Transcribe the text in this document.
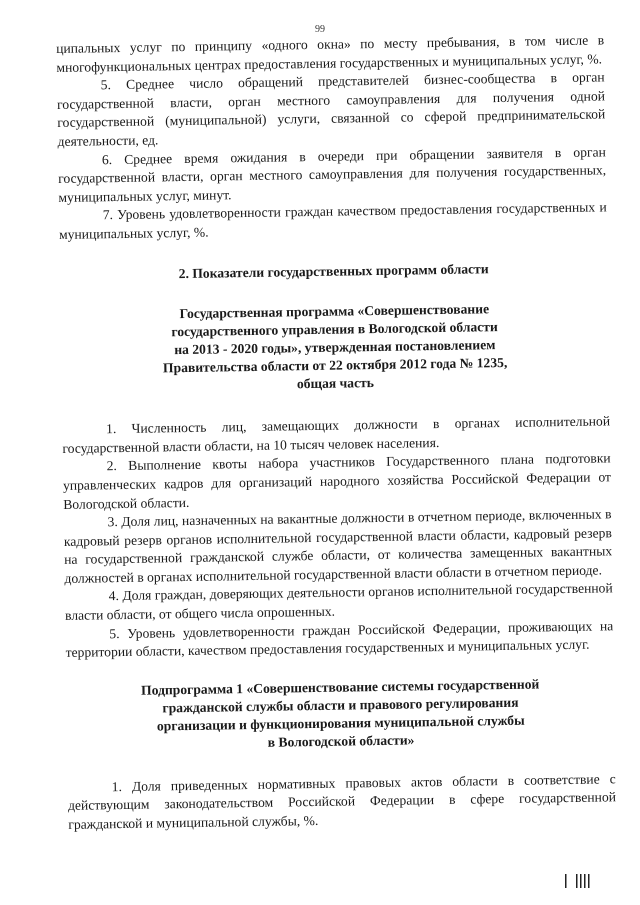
99

ципальных услуг по принципу «одного окна» по месту пребывания, в том числе в многофункциональных центрах предоставления государственных и муниципальных услуг, %.

5. Среднее число обращений представителей бизнес-сообщества в орган государственной власти, орган местного самоуправления для получения одной государственной (муниципальной) услуги, связанной со сферой предпринимательской деятельности, ед.

6. Среднее время ожидания в очереди при обращении заявителя в орган государственной власти, орган местного самоуправления для получения государственных, муниципальных услуг, минут.

7. Уровень удовлетворенности граждан качеством предоставления государственных и муниципальных услуг, %.

2. Показатели государственных программ области
Государственная программа «Совершенствование
государственного управления в Вологодской области
на 2013 - 2020 годы», утвержденная постановлением
Правительства области от 22 октября 2012 года № 1235,
общая часть

1. Численность лиц, замещающих должности в органах исполнительной государственной власти области, на 10 тысяч человек населения.

2. Выполнение квоты набора участников Государственного плана подготовки управленческих кадров для организаций народного хозяйства Российской Федерации от Вологодской области.

3. Доля лиц, назначенных на вакантные должности в отчетном периоде, включенных в кадровый резерв органов исполнительной государственной власти области, кадровый резерв на государственной гражданской службе области, от количества замещенных вакантных должностей в органах исполнительной государственной власти области в отчетном периоде.

4. Доля граждан, доверяющих деятельности органов исполнительной государственной власти области, от общего числа опрошенных.

5. Уровень удовлетворенности граждан Российской Федерации, проживающих на территории области, качеством предоставления государственных и муниципальных услуг.

Подпрограмма 1 «Совершенствование системы государственной
гражданской службы области и правового регулирования
организации и функционирования муниципальной службы
в Вологодской области»

1. Доля приведенных нормативных правовых актов области в соответствие с действующим законодательством Российской Федерации в сфере государственной гражданской и муниципальной службы, %.
